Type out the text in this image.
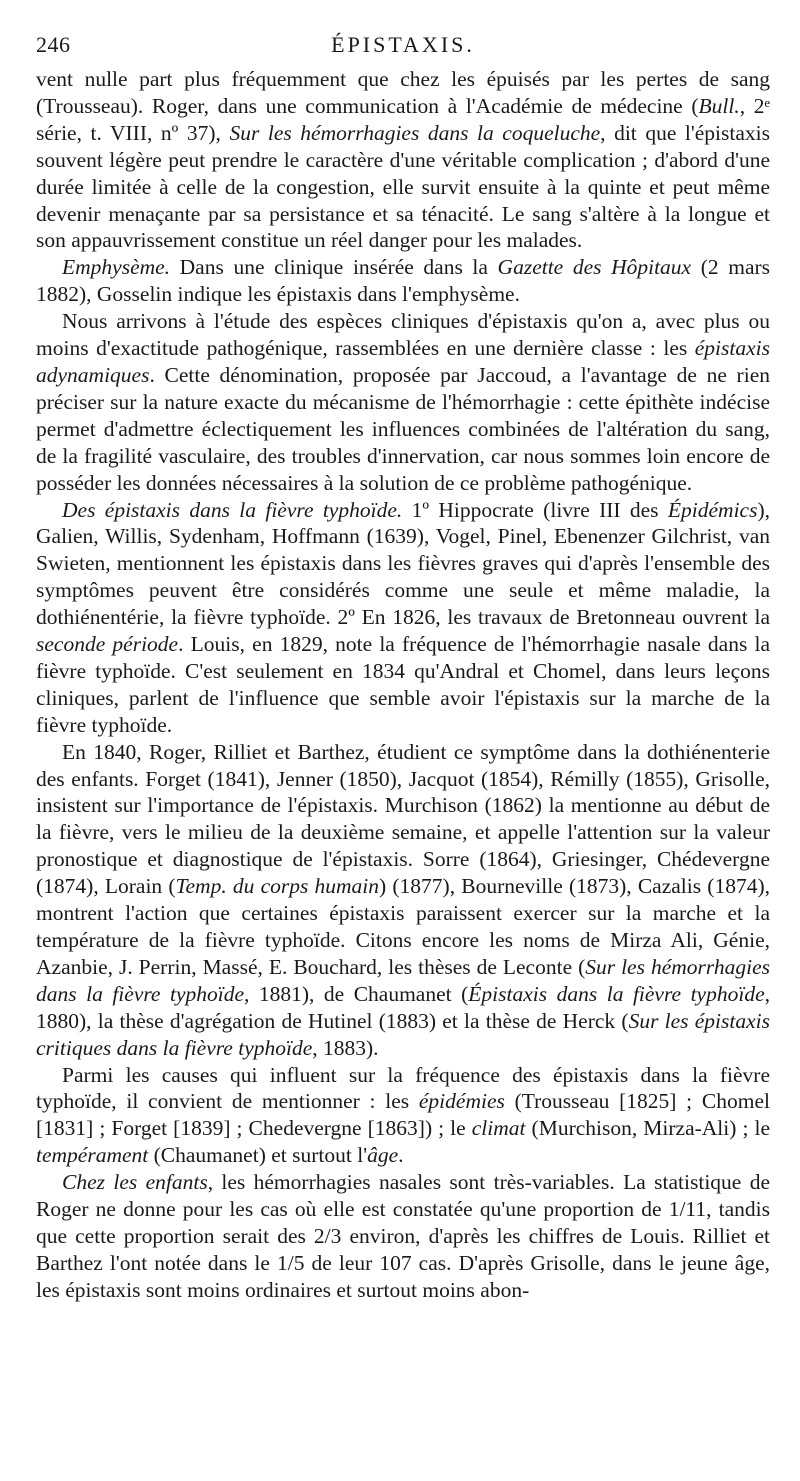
246	ÉPISTAXIS.

vent nulle part plus fréquemment que chez les épuisés par les pertes de sang (Trousseau). Roger, dans une communication à l'Académie de médecine (Bull., 2ᵉ série, t. VIII, nº 37), Sur les hémorrhagies dans la coqueluche, dit que l'épistaxis souvent légère peut prendre le caractère d'une véritable complication ; d'abord d'une durée limitée à celle de la congestion, elle survit ensuite à la quinte et peut même devenir menaçante par sa persistance et sa ténacité. Le sang s'altère à la longue et son appauvrissement constitue un réel danger pour les malades.

Emphysème. Dans une clinique insérée dans la Gazette des Hôpitaux (2 mars 1882), Gosselin indique les épistaxis dans l'emphysème.

Nous arrivons à l'étude des espèces cliniques d'épistaxis qu'on a, avec plus ou moins d'exactitude pathogénique, rassemblées en une dernière classe : les épistaxis adynamiques. Cette dénomination, proposée par Jaccoud, a l'avantage de ne rien préciser sur la nature exacte du mécanisme de l'hémorrhagie : cette épithète indécise permet d'admettre éclectiquement les influences combinées de l'altération du sang, de la fragilité vasculaire, des troubles d'innervation, car nous sommes loin encore de posséder les données nécessaires à la solution de ce problème pathogénique.

Des épistaxis dans la fièvre typhoïde. 1º Hippocrate (livre III des Épidémics), Galien, Willis, Sydenham, Hoffmann (1639), Vogel, Pinel, Ebenenzer Gilchrist, van Swieten, mentionnent les épistaxis dans les fièvres graves qui d'après l'ensemble des symptômes peuvent être considérés comme une seule et même maladie, la dothiénentérie, la fièvre typhoïde. 2º En 1826, les travaux de Bretonneau ouvrent la seconde période. Louis, en 1829, note la fréquence de l'hémorrhagie nasale dans la fièvre typhoïde. C'est seulement en 1834 qu'Andral et Chomel, dans leurs leçons cliniques, parlent de l'influence que semble avoir l'épistaxis sur la marche de la fièvre typhoïde.

En 1840, Roger, Rilliet et Barthez, étudient ce symptôme dans la dothiénenterie des enfants. Forget (1841), Jenner (1850), Jacquot (1854), Rémilly (1855), Grisolle, insistent sur l'importance de l'épistaxis. Murchison (1862) la mentionne au début de la fièvre, vers le milieu de la deuxième semaine, et appelle l'attention sur la valeur pronostique et diagnostique de l'épistaxis. Sorre (1864), Griesinger, Chédevergne (1874), Lorain (Temp. du corps humain) (1877), Bourneville (1873), Cazalis (1874), montrent l'action que certaines épistaxis paraissent exercer sur la marche et la température de la fièvre typhoïde. Citons encore les noms de Mirza Ali, Génie, Azanbie, J. Perrin, Massé, E. Bouchard, les thèses de Leconte (Sur les hémorrhagies dans la fièvre typhoïde, 1881), de Chaumanet (Épistaxis dans la fièvre typhoïde, 1880), la thèse d'agrégation de Hutinel (1883) et la thèse de Herck (Sur les épistaxis critiques dans la fièvre typhoïde, 1883).

Parmi les causes qui influent sur la fréquence des épistaxis dans la fièvre typhoïde, il convient de mentionner : les épidémies (Trousseau [1825] ; Chomel [1831] ; Forget [1839] ; Chedevergne [1863]) ; le climat (Murchison, Mirza-Ali) ; le tempérament (Chaumanet) et surtout l'âge.

Chez les enfants, les hémorrhagies nasales sont très-variables. La statistique de Roger ne donne pour les cas où elle est constatée qu'une proportion de 1/11, tandis que cette proportion serait des 2/3 environ, d'après les chiffres de Louis. Rilliet et Barthez l'ont notée dans le 1/5 de leur 107 cas. D'après Grisolle, dans le jeune âge, les épistaxis sont moins ordinaires et surtout moins abon-
